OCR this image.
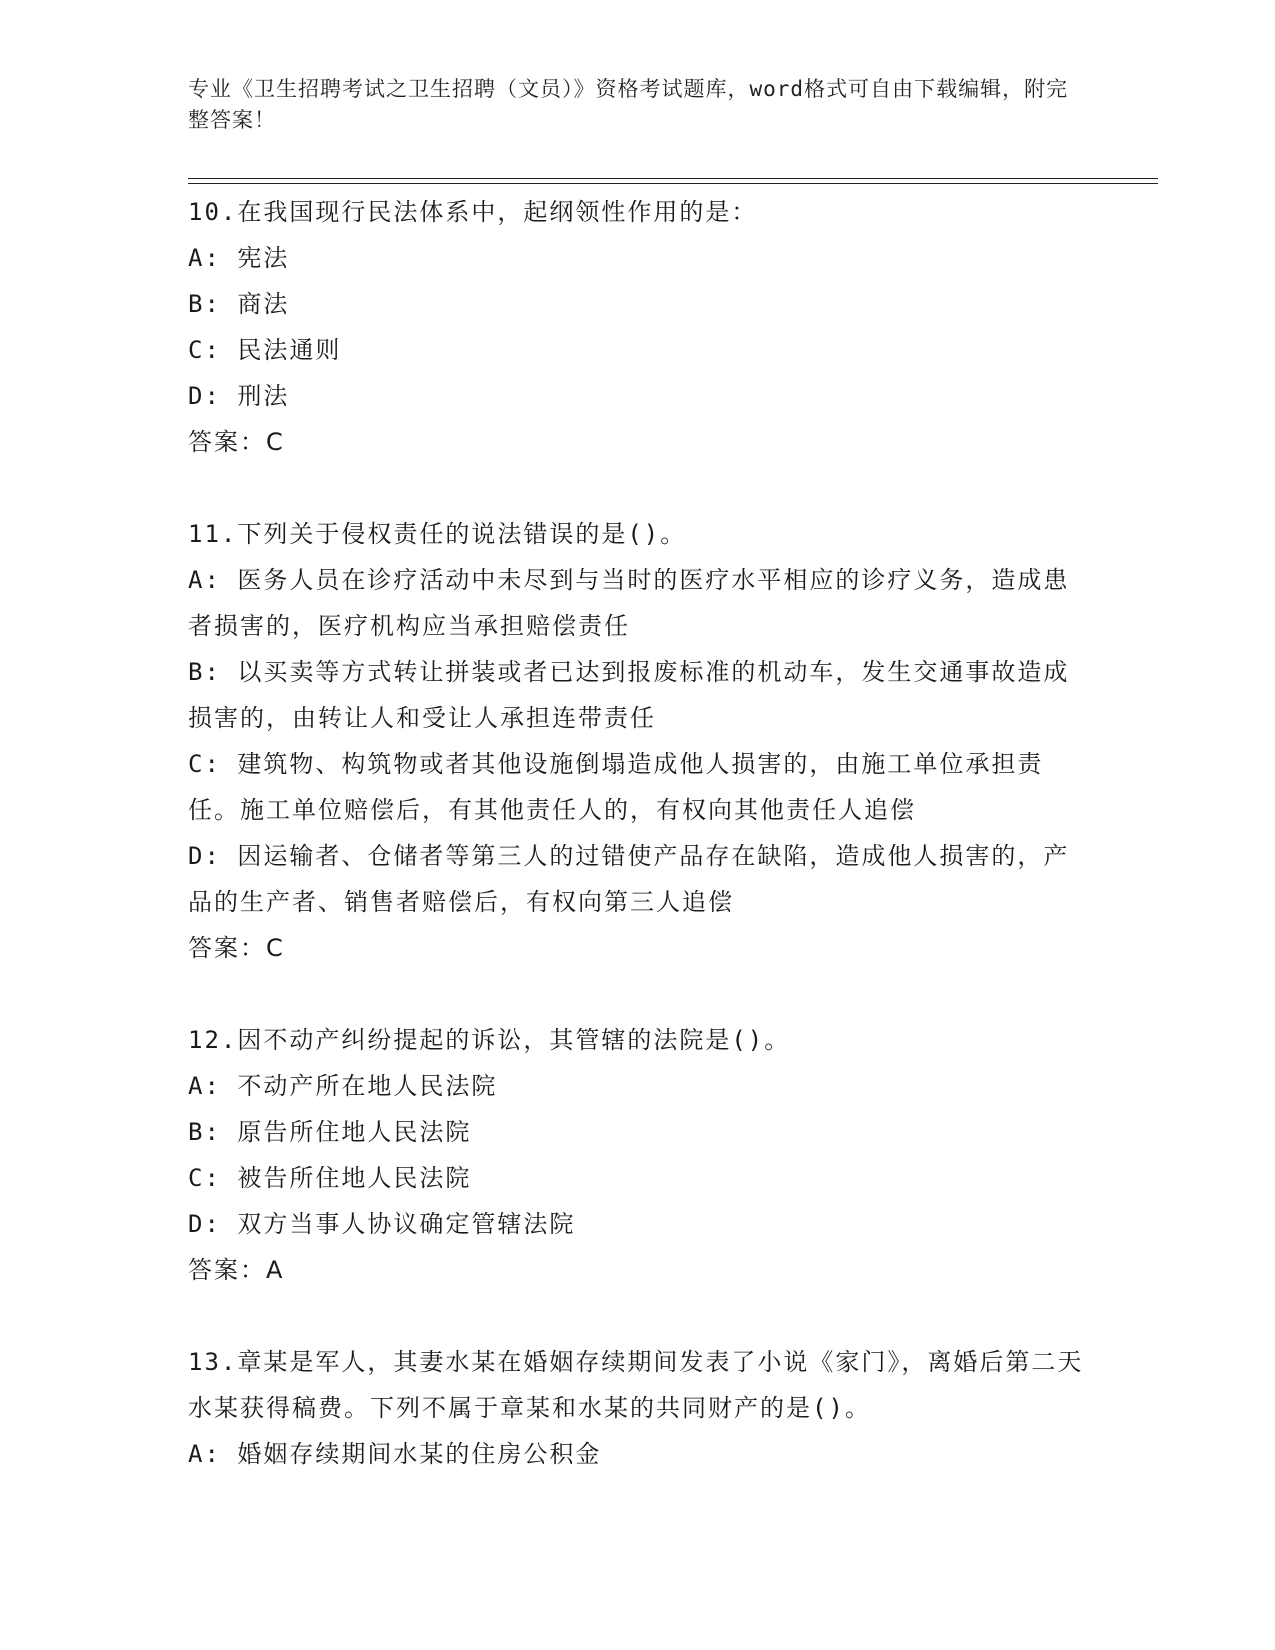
专业《卫生招聘考试之卫生招聘（文员）》资格考试题库，word格式可自由下载编辑，附完整答案！
10.在我国现行民法体系中，起纲领性作用的是：
A: 宪法
B: 商法
C: 民法通则
D: 刑法
答案：C
11.下列关于侵权责任的说法错误的是()。
A: 医务人员在诊疗活动中未尽到与当时的医疗水平相应的诊疗义务，造成患者损害的，医疗机构应当承担赔偿责任
B: 以买卖等方式转让拼装或者已达到报废标准的机动车，发生交通事故造成损害的，由转让人和受让人承担连带责任
C: 建筑物、构筑物或者其他设施倒塌造成他人损害的，由施工单位承担责任。施工单位赔偿后，有其他责任人的，有权向其他责任人追偿
D: 因运输者、仓储者等第三人的过错使产品存在缺陷，造成他人损害的，产品的生产者、销售者赔偿后，有权向第三人追偿
答案：C
12.因不动产纠纷提起的诉讼，其管辖的法院是()。
A: 不动产所在地人民法院
B: 原告所住地人民法院
C: 被告所住地人民法院
D: 双方当事人协议确定管辖法院
答案：A
13.章某是军人，其妻水某在婚姻存续期间发表了小说《家门》，离婚后第二天水某获得稿费。下列不属于章某和水某的共同财产的是()。
A: 婚姻存续期间水某的住房公积金
